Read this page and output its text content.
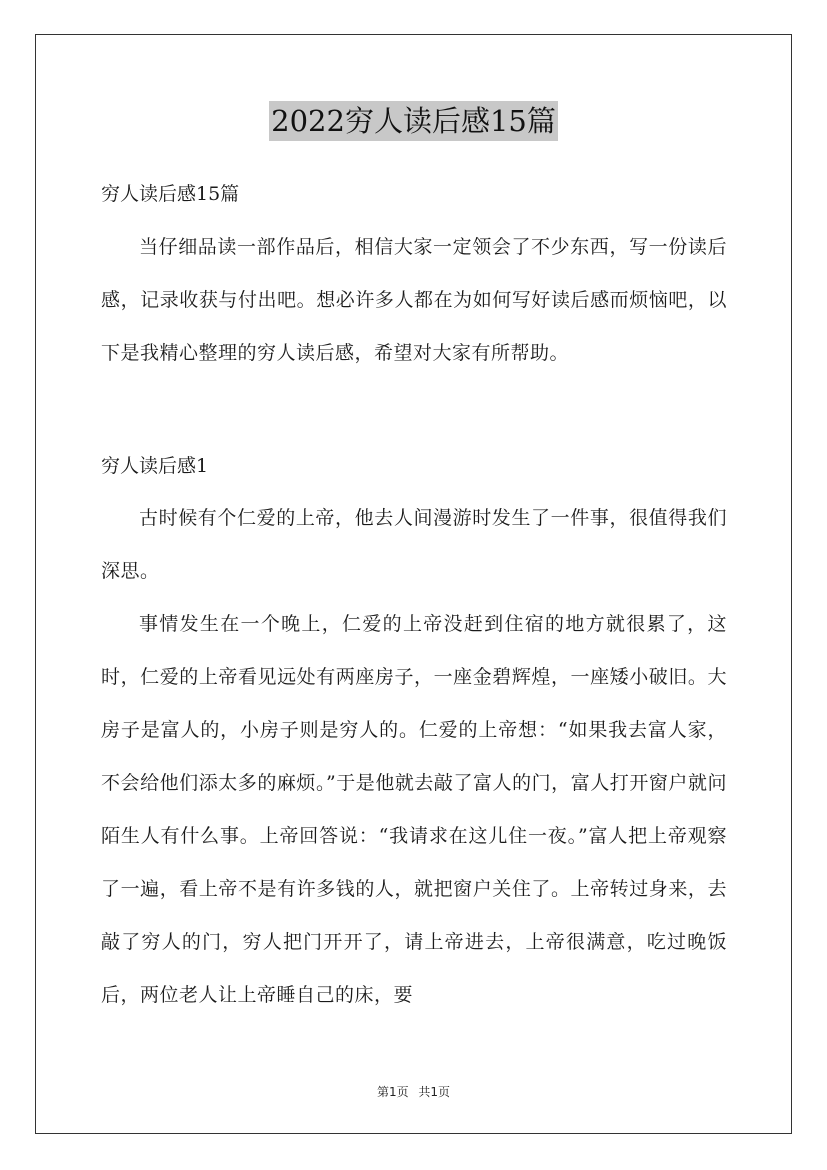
2022穷人读后感15篇

穷人读后感15篇

当仔细品读一部作品后，相信大家一定领会了不少东西，写一份读后感，记录收获与付出吧。想必许多人都在为如何写好读后感而烦恼吧，以下是我精心整理的穷人读后感，希望对大家有所帮助。

穷人读后感1

古时候有个仁爱的上帝，他去人间漫游时发生了一件事，很值得我们深思。

事情发生在一个晚上，仁爱的上帝没赶到住宿的地方就很累了，这时，仁爱的上帝看见远处有两座房子，一座金碧辉煌，一座矮小破旧。大房子是富人的，小房子则是穷人的。仁爱的上帝想：“如果我去富人家，不会给他们添太多的麻烦。”于是他就去敲了富人的门，富人打开窗户就问陌生人有什么事。上帝回答说：“我请求在这儿住一夜。”富人把上帝观察了一遍，看上帝不是有许多钱的人，就把窗户关住了。上帝转过身来，去敲了穷人的门，穷人把门开开了，请上帝进去，上帝很满意，吃过晚饭后，两位老人让上帝睡自己的床，要

第1页 共1页
